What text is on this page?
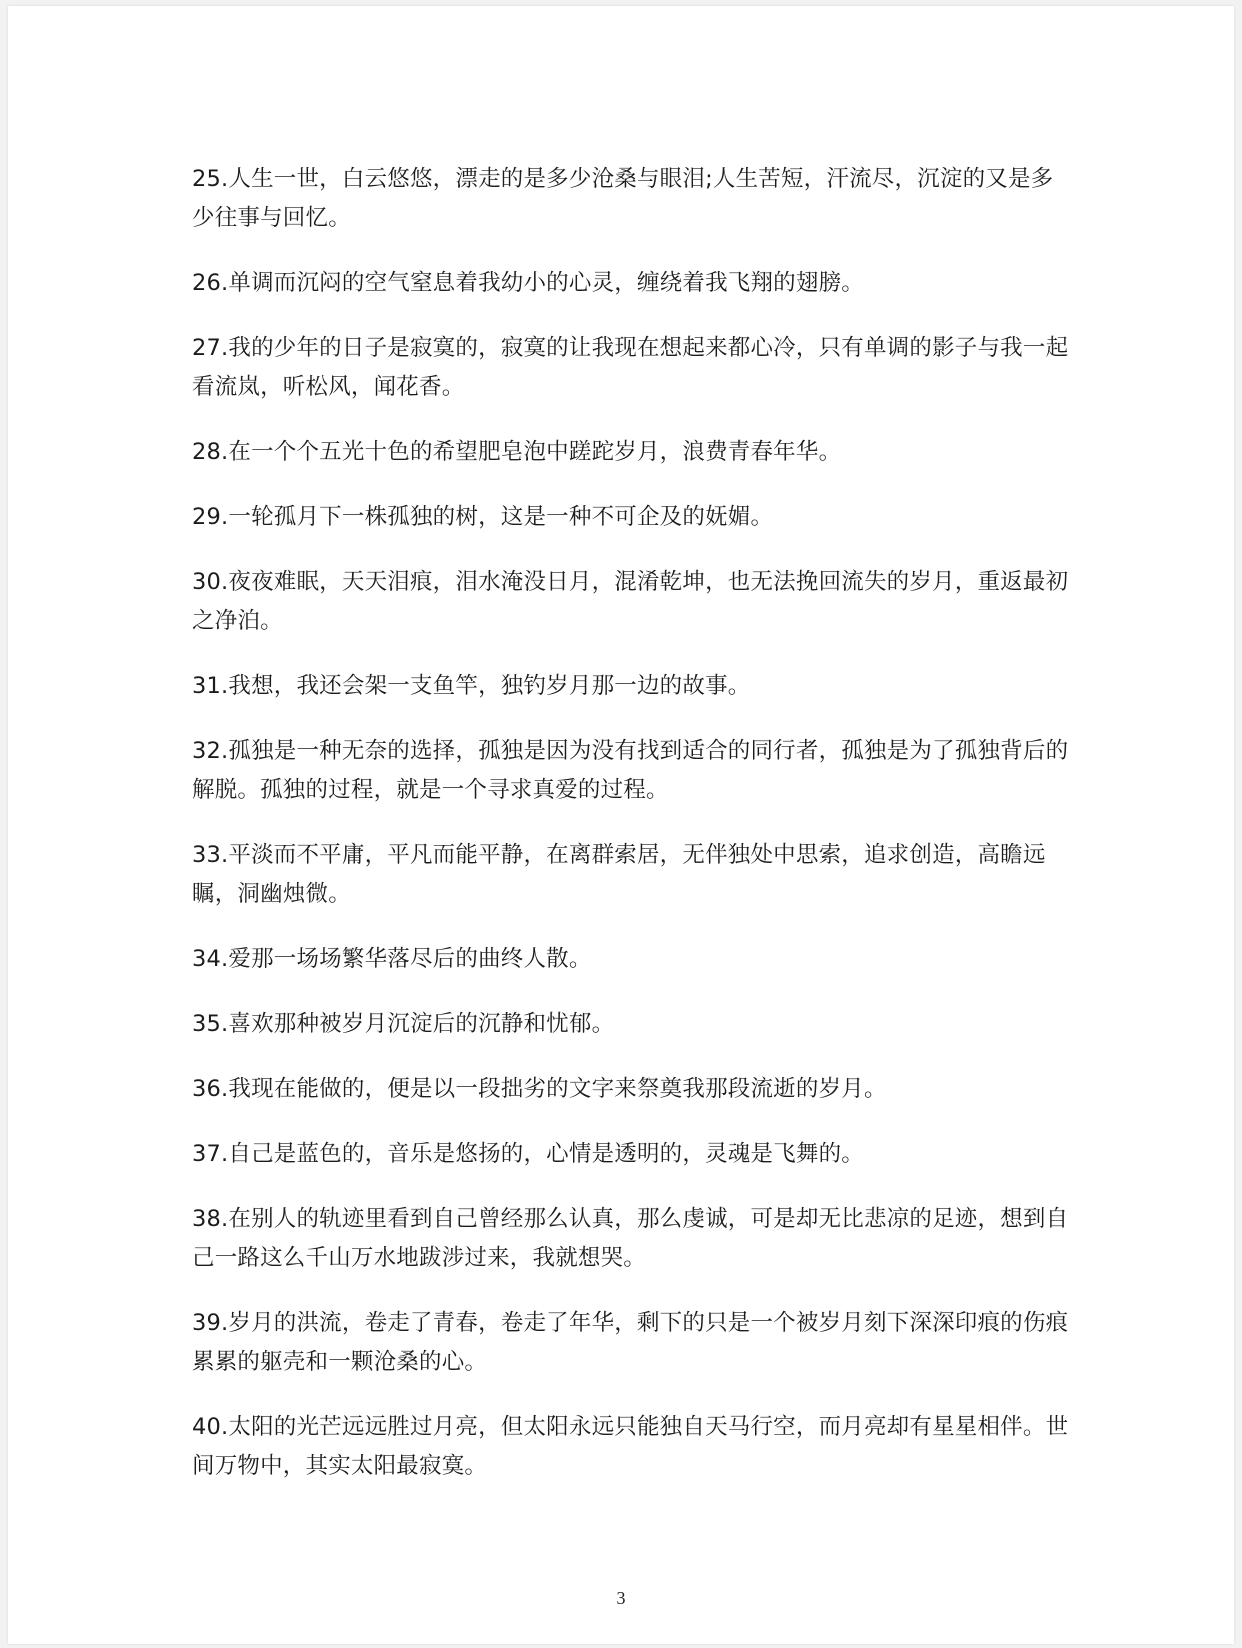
25.人生一世，白云悠悠，漂走的是多少沧桑与眼泪;人生苦短，汗流尽，沉淀的又是多少往事与回忆。

26.单调而沉闷的空气窒息着我幼小的心灵，缠绕着我飞翔的翅膀。

27.我的少年的日子是寂寞的，寂寞的让我现在想起来都心冷，只有单调的影子与我一起看流岚，听松风，闻花香。

28.在一个个五光十色的希望肥皂泡中蹉跎岁月，浪费青春年华。

29.一轮孤月下一株孤独的树，这是一种不可企及的妩媚。

30.夜夜难眠，天天泪痕，泪水淹没日月，混淆乾坤，也无法挽回流失的岁月，重返最初之净泊。

31.我想，我还会架一支鱼竿，独钓岁月那一边的故事。

32.孤独是一种无奈的选择，孤独是因为没有找到适合的同行者，孤独是为了孤独背后的解脱。孤独的过程，就是一个寻求真爱的过程。

33.平淡而不平庸，平凡而能平静，在离群索居，无伴独处中思索，追求创造，高瞻远瞩，洞幽烛微。

34.爱那一场场繁华落尽后的曲终人散。

35.喜欢那种被岁月沉淀后的沉静和忧郁。

36.我现在能做的，便是以一段拙劣的文字来祭奠我那段流逝的岁月。

37.自己是蓝色的，音乐是悠扬的，心情是透明的，灵魂是飞舞的。

38.在别人的轨迹里看到自己曾经那么认真，那么虔诚，可是却无比悲凉的足迹，想到自己一路这么千山万水地跋涉过来，我就想哭。

39.岁月的洪流，卷走了青春，卷走了年华，剩下的只是一个被岁月刻下深深印痕的伤痕累累的躯壳和一颗沧桑的心。

40.太阳的光芒远远胜过月亮，但太阳永远只能独自天马行空，而月亮却有星星相伴。世间万物中，其实太阳最寂寞。

3
